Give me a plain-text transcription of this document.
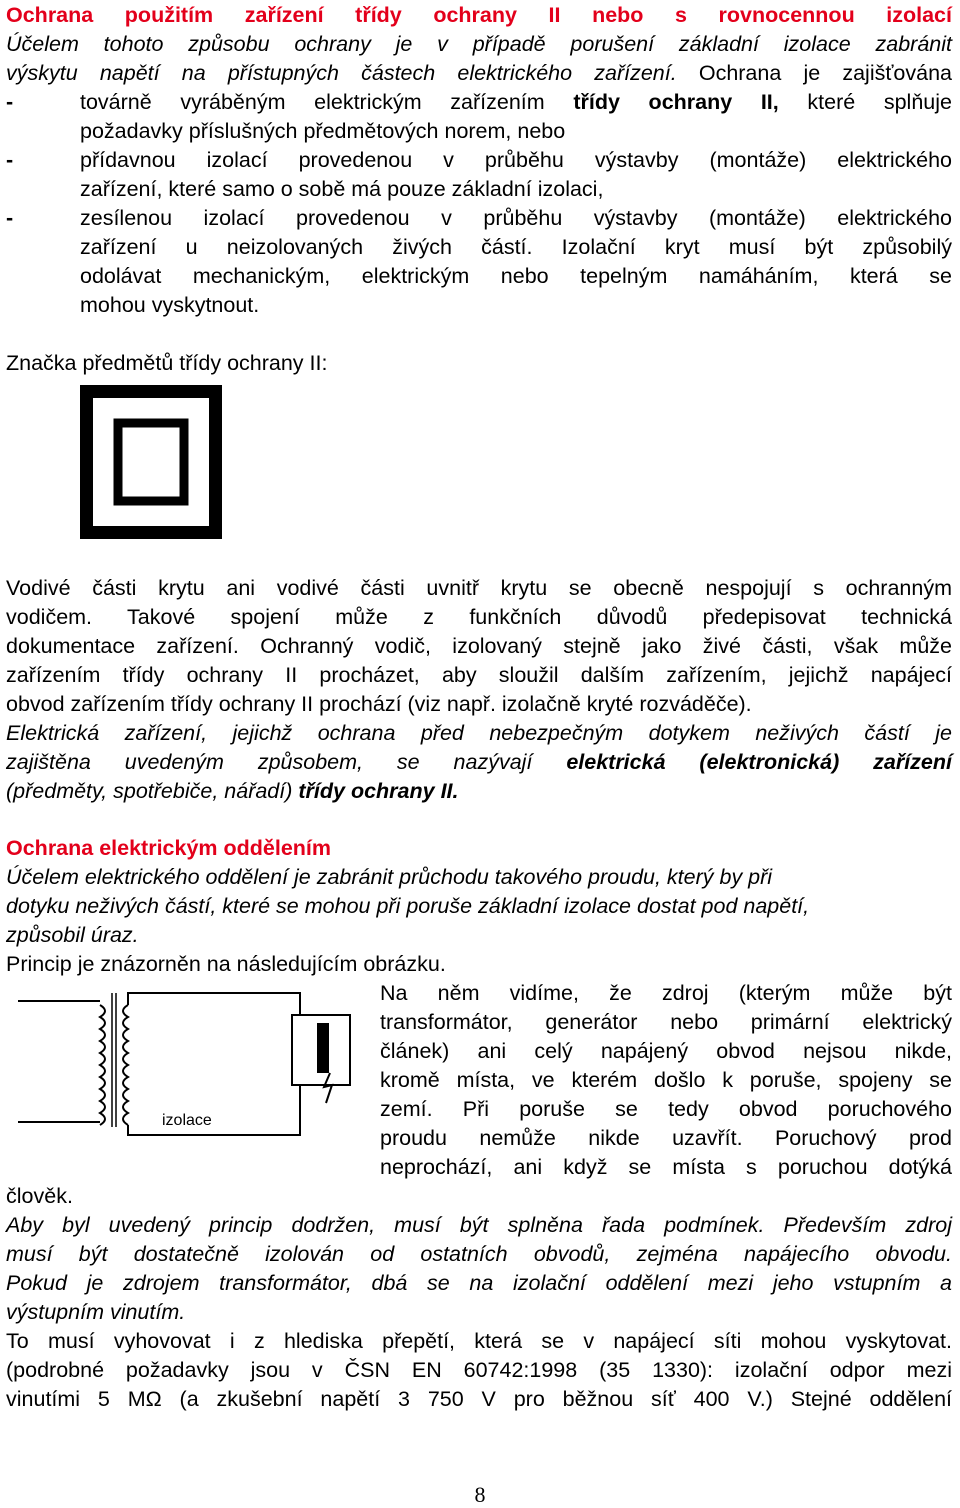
Ochrana použitím zařízení třídy ochrany II nebo s rovnocennou izolací
Účelem tohoto způsobu ochrany je v případě porušení základní izolace zabránit
výskytu napětí na přístupných částech elektrického zařízení. Ochrana je zajišťována
-	továrně vyráběným elektrickým zařízením třídy ochrany II, které splňuje
požadavky příslušných předmětových norem, nebo
-	přídavnou izolací provedenou v průběhu výstavby (montáže) elektrického
zařízení, které samo o sobě má pouze základní izolaci,
-	zesílenou izolací provedenou v průběhu výstavby (montáže) elektrického
zařízení u neizolovaných živých částí. Izolační kryt musí být způsobilý
odolávat mechanickým, elektrickým nebo tepelným namáháním, která se
mohou vyskytnout.
Značka předmětů třídy ochrany II:
Vodivé části krytu ani vodivé části uvnitř krytu se obecně nespojují s ochranným
vodičem. Takové spojení může z funkčních důvodů předepisovat technická
dokumentace zařízení. Ochranný vodič, izolovaný stejně jako živé části, však může
zařízením třídy ochrany II procházet, aby sloužil dalším zařízením, jejichž napájecí
obvod zařízením třídy ochrany II prochází (viz např. izolačně kryté rozváděče).
Elektrická zařízení, jejichž ochrana před nebezpečným dotykem neživých částí je
zajištěna uvedeným způsobem, se nazývají elektrická (elektronická) zařízení
(předměty, spotřebiče, nářadí) třídy ochrany II.
Ochrana elektrickým oddělením
Účelem elektrického oddělení je zabránit průchodu takového proudu, který by při
dotyku neživých částí, které se mohou při poruše základní izolace dostat pod napětí,
způsobil úraz.
Princip je znázorněn na následujícím obrázku.
izolace
Na něm vidíme, že zdroj (kterým může být
transformátor, generátor nebo primární elektrický
článek) ani celý napájený obvod nejsou nikde,
kromě místa, ve kterém došlo k poruše, spojeny se
zemí. Při poruše se tedy obvod poruchového
proudu nemůže nikde uzavřít. Poruchový prod
neprochází, ani když se místa s poruchou dotýká
člověk.
Aby byl uvedený princip dodržen, musí být splněna řada podmínek. Především zdroj
musí být dostatečně izolován od ostatních obvodů, zejména napájecího obvodu.
Pokud je zdrojem transformátor, dbá se na izolační oddělení mezi jeho vstupním a
výstupním vinutím.
To musí vyhovovat i z hlediska přepětí, která se v napájecí síti mohou vyskytovat.
(podrobné požadavky jsou v ČSN EN 60742:1998 (35 1330): izolační odpor mezi
vinutími 5 MΩ (a zkušební napětí 3 750 V pro běžnou síť 400 V.) Stejné oddělení
8
